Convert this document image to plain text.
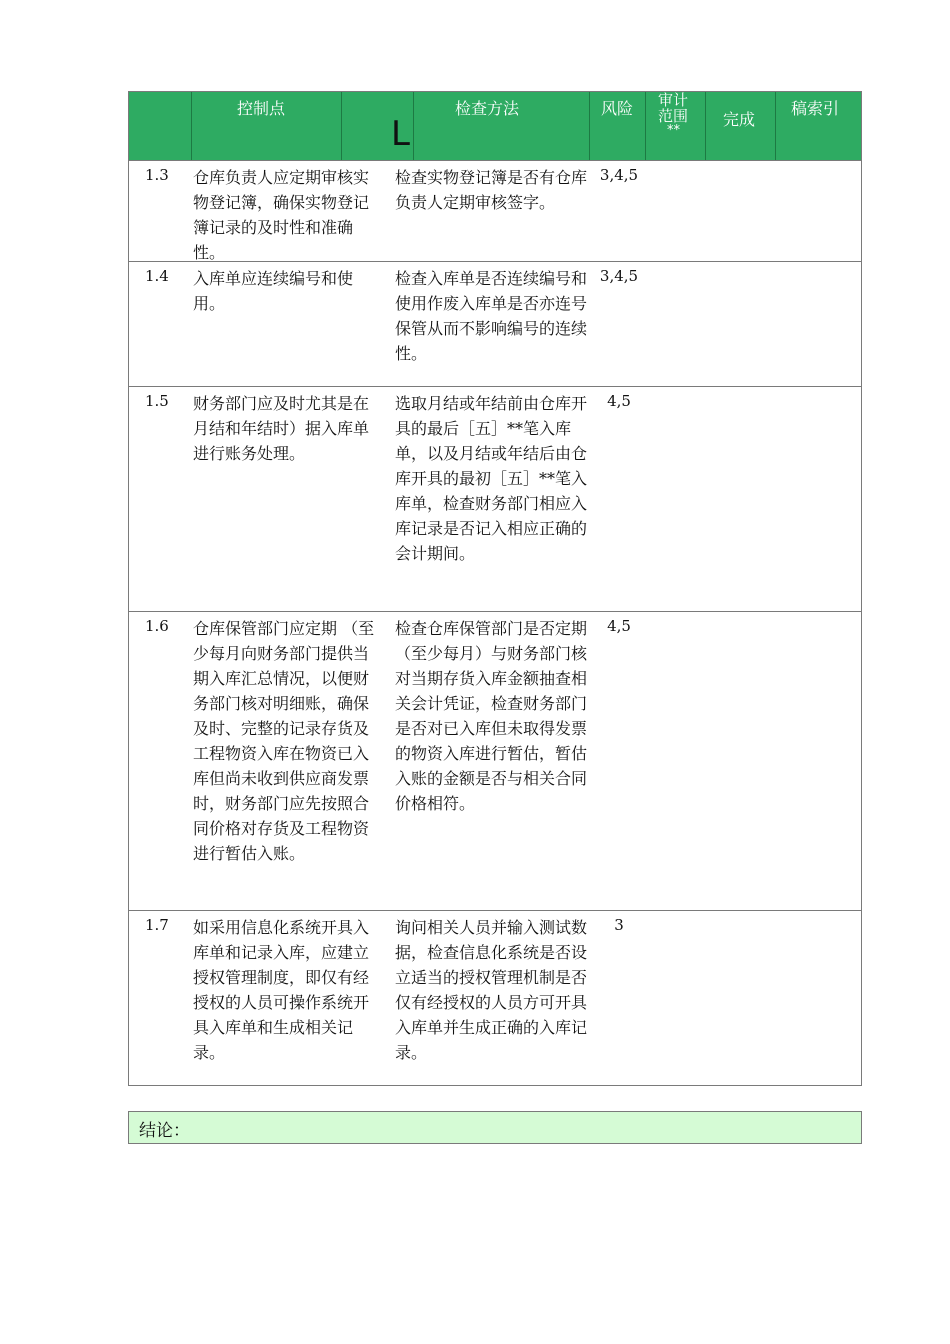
控制点	检查方法
L
风险 审计
范围
**
完成
稿索引
1.3 仓库负责人应定期审核实物登记簿，确保实物登记簿记录的及时性和准确性。
检查实物登记簿是否有仓库负责人定期审核签字。
3,4,5
1.4 入库单应连续编号和使用。
检查入库单是否连续编号和使用作废入库单是否亦连号保管从而不影响编号的连续性。
3,4,5
1.5 财务部门应及时尤其是在月结和年结时）据入库单进行账务处理。
选取月结或年结前由仓库开具的最后［五］**笔入库单，以及月结或年结后由仓库开具的最初［五］**笔入库单，检查财务部门相应入库记录是否记入相应正确的会计期间。
4,5
1.6 仓库保管部门应定期 （至少每月向财务部门提供当期入库汇总情况，以便财务部门核对明细账，确保及时、完整的记录存货及工程物资入库在物资已入库但尚未收到供应商发票时，财务部门应先按照合同价格对存货及工程物资进行暂估入账。
检查仓库保管部门是否定期（至少每月）与财务部门核对当期存货入库金额抽查相关会计凭证，检查财务部门是否对已入库但未取得发票的物资入库进行暂估，暂估入账的金额是否与相关合同价格相符。
4,5
1.7 如采用信息化系统开具入库单和记录入库，应建立授权管理制度，即仅有经授权的人员可操作系统开具入库单和生成相关记录。
询问相关人员并输入测试数据，检查信息化系统是否设立适当的授权管理机制是否仅有经授权的人员方可开具入库单并生成正确的入库记录。
3
结论：
